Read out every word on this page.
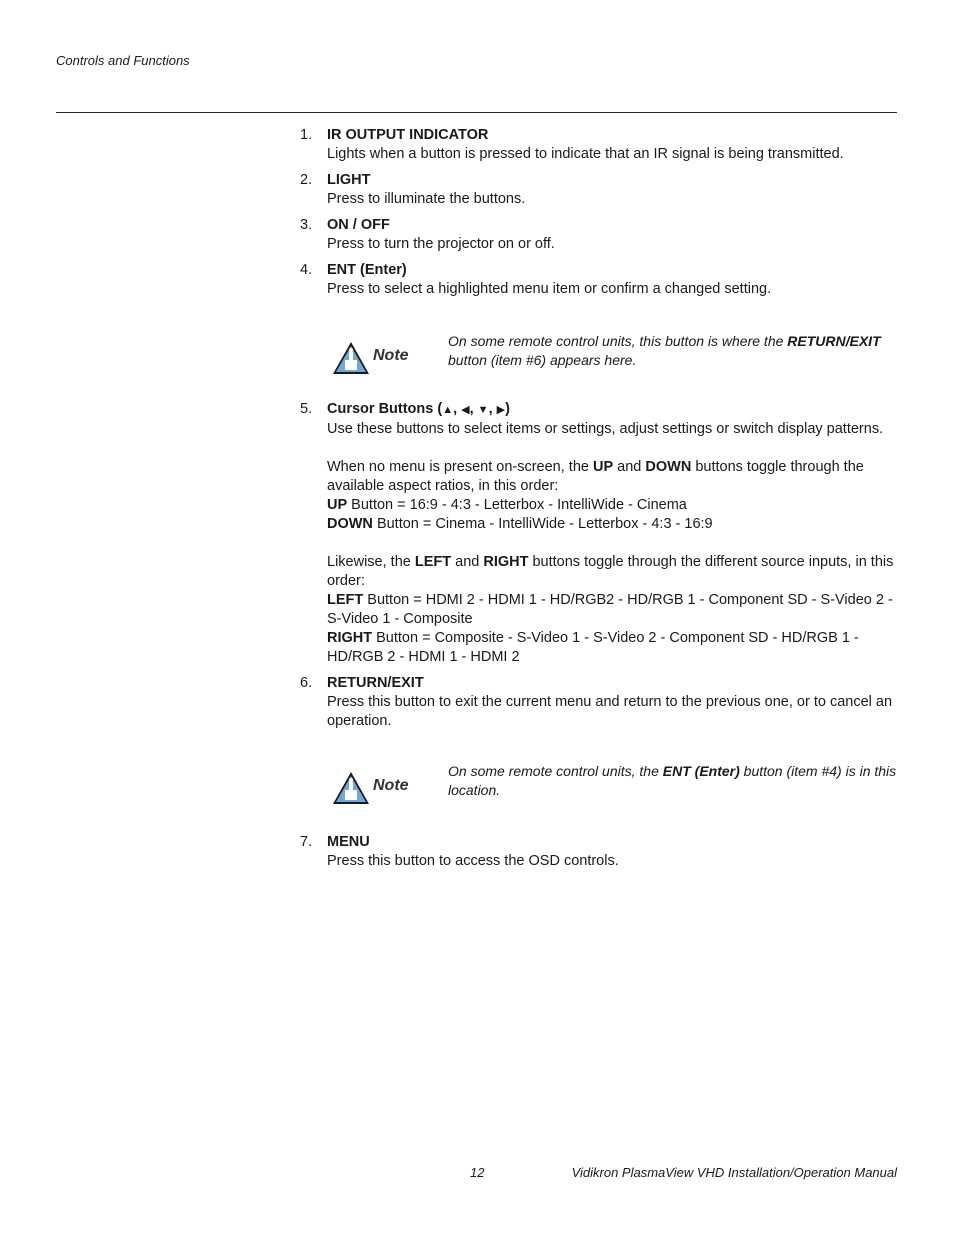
Controls and Functions
1. IR OUTPUT INDICATOR
Lights when a button is pressed to indicate that an IR signal is being transmitted.
2. LIGHT
Press to illuminate the buttons.
3. ON / OFF
Press to turn the projector on or off.
4. ENT (Enter)
Press to select a highlighted menu item or confirm a changed setting.
Note
On some remote control units, this button is where the RETURN/EXIT button (item #6) appears here.
5. Cursor Buttons (▲, ◀, ▼, ▶)
Use these buttons to select items or settings, adjust settings or switch display patterns.
When no menu is present on-screen, the UP and DOWN buttons toggle through the available aspect ratios, in this order:
UP Button = 16:9 - 4:3 - Letterbox - IntelliWide - Cinema
DOWN Button = Cinema - IntelliWide - Letterbox - 4:3 - 16:9
Likewise, the LEFT and RIGHT buttons toggle through the different source inputs, in this order:
LEFT Button = HDMI 2 - HDMI 1 - HD/RGB2 - HD/RGB 1 - Component SD - S-Video 2 - S-Video 1 - Composite
RIGHT Button = Composite - S-Video 1 - S-Video 2 - Component SD - HD/RGB 1 - HD/RGB 2 - HDMI 1 - HDMI 2
6. RETURN/EXIT
Press this button to exit the current menu and return to the previous one, or to cancel an operation.
Note
On some remote control units, the ENT (Enter) button (item #4) is in this location.
7. MENU
Press this button to access the OSD controls.
12	Vidikron PlasmaView VHD Installation/Operation Manual
